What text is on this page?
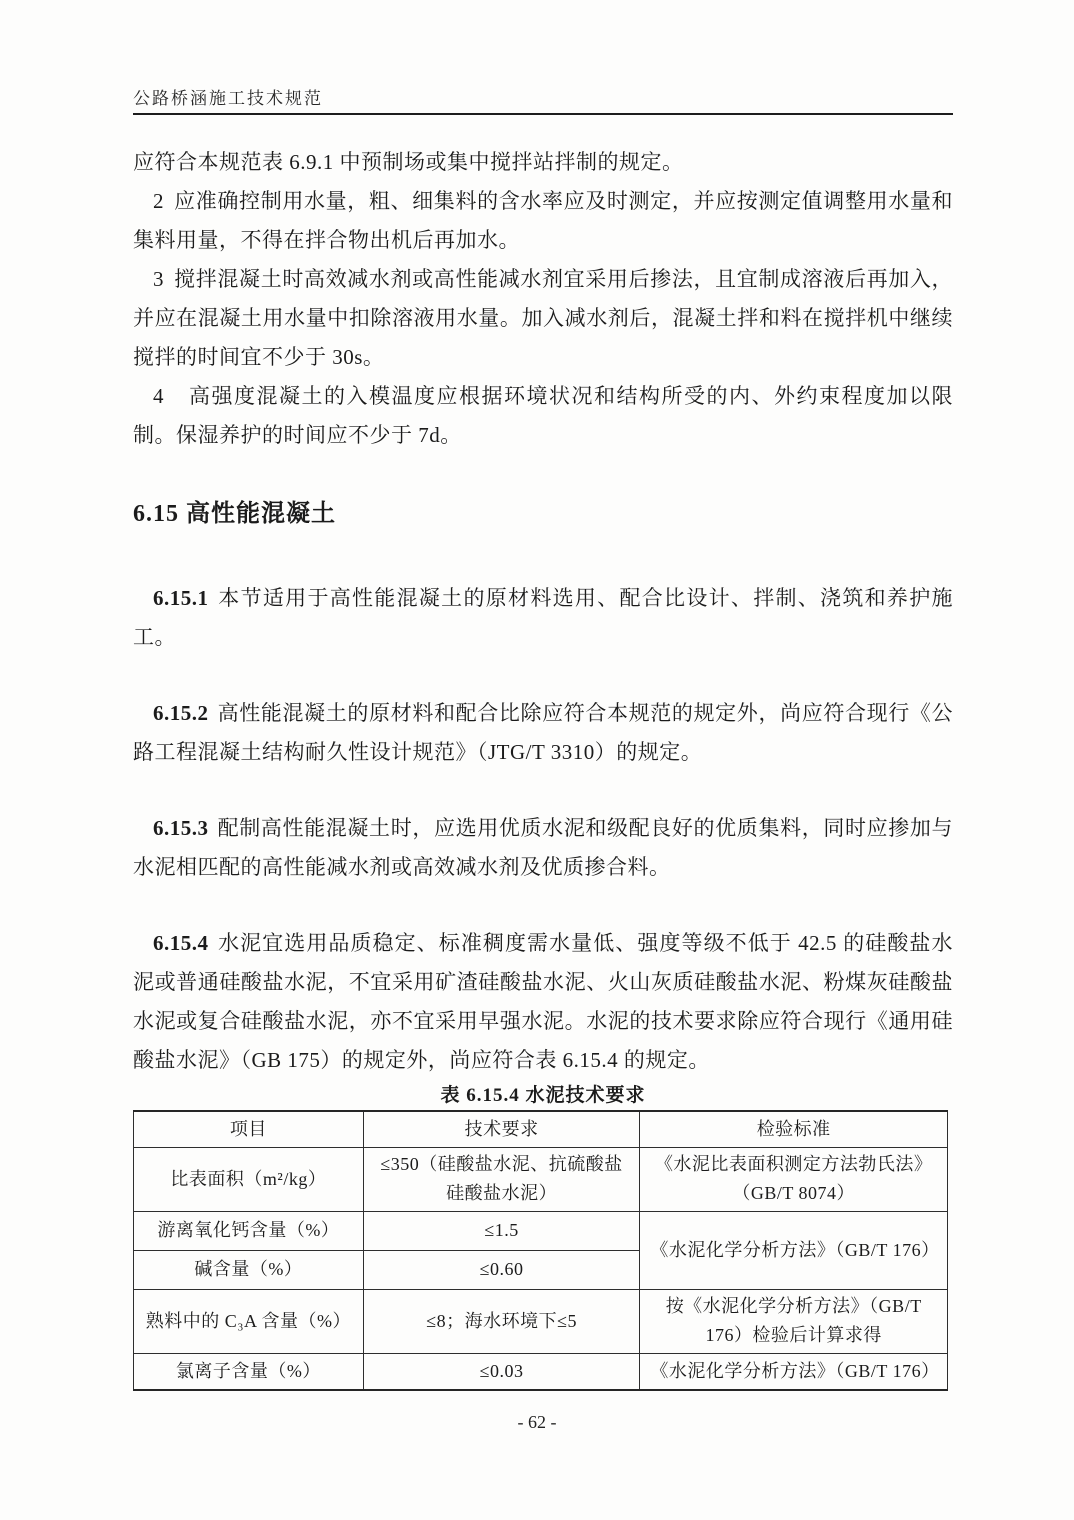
公路桥涵施工技术规范

应符合本规范表 6.9.1 中预制场或集中搅拌站拌制的规定。

2 应准确控制用水量，粗、细集料的含水率应及时测定，并应按测定值调整用水量和集料用量，不得在拌合物出机后再加水。

3 搅拌混凝土时高效减水剂或高性能减水剂宜采用后掺法，且宜制成溶液后再加入，并应在混凝土用水量中扣除溶液用水量。加入减水剂后，混凝土拌和料在搅拌机中继续搅拌的时间宜不少于 30s。

4 高强度混凝土的入模温度应根据环境状况和结构所受的内、外约束程度加以限制。保湿养护的时间应不少于 7d。

6.15 高性能混凝土

6.15.1 本节适用于高性能混凝土的原材料选用、配合比设计、拌制、浇筑和养护施工。

6.15.2 高性能混凝土的原材料和配合比除应符合本规范的规定外，尚应符合现行《公路工程混凝土结构耐久性设计规范》（JTG/T 3310）的规定。

6.15.3 配制高性能混凝土时，应选用优质水泥和级配良好的优质集料，同时应掺加与水泥相匹配的高性能减水剂或高效减水剂及优质掺合料。

6.15.4 水泥宜选用品质稳定、标准稠度需水量低、强度等级不低于 42.5 的硅酸盐水泥或普通硅酸盐水泥，不宜采用矿渣硅酸盐水泥、火山灰质硅酸盐水泥、粉煤灰硅酸盐水泥或复合硅酸盐水泥，亦不宜采用早强水泥。水泥的技术要求除应符合现行《通用硅酸盐水泥》（GB 175）的规定外，尚应符合表 6.15.4 的规定。

表 6.15.4 水泥技术要求
项目	技术要求	检验标准
比表面积（m²/kg）	≤350（硅酸盐水泥、抗硫酸盐硅酸盐水泥）	《水泥比表面积测定方法勃氏法》（GB/T 8074）
游离氧化钙含量（%）	≤1.5	《水泥化学分析方法》（GB/T 176）
碱含量（%）	≤0.60	
熟料中的 C₃A 含量（%）	≤8；海水环境下≤5	按《水泥化学分析方法》（GB/T 176）检验后计算求得
氯离子含量（%）	≤0.03	《水泥化学分析方法》（GB/T 176）
- 62 -
